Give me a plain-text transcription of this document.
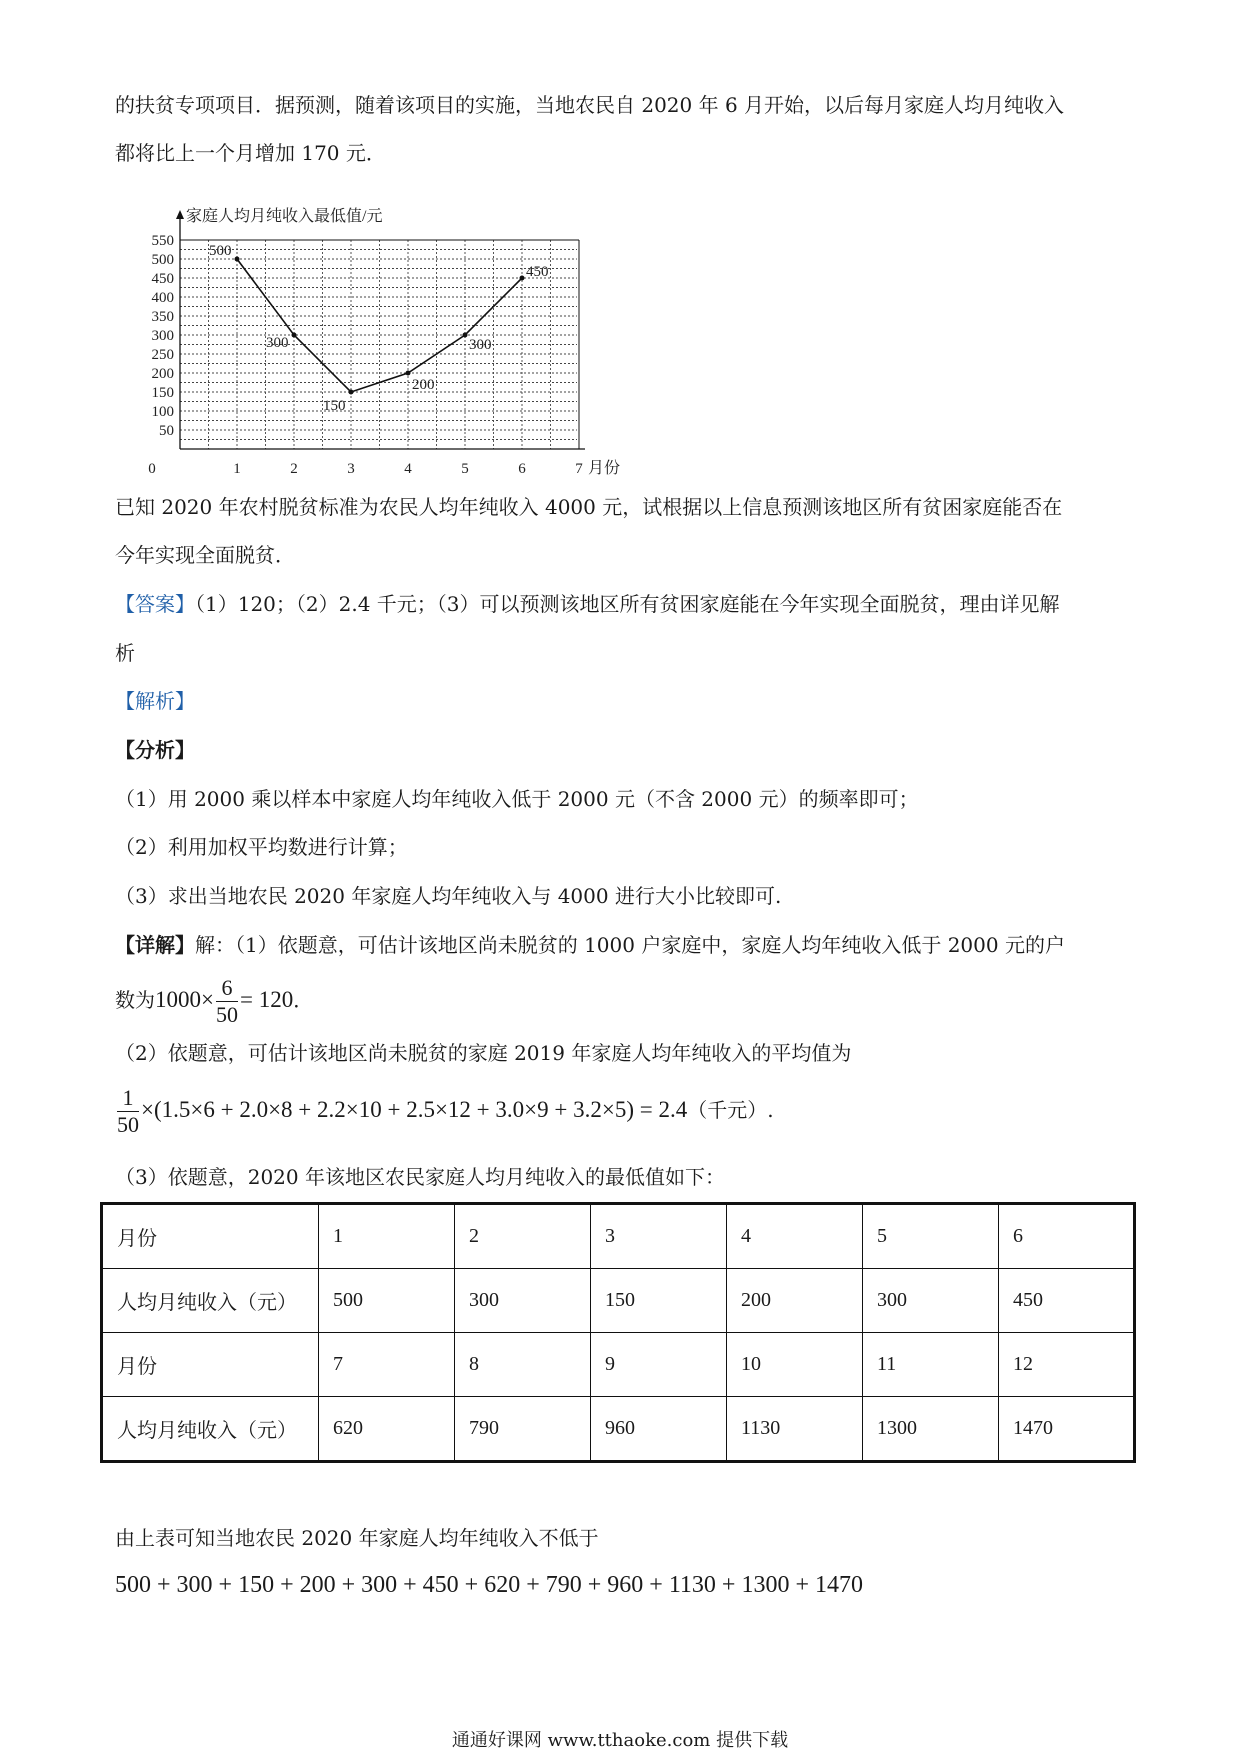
的扶贫专项项目．据预测，随着该项目的实施，当地农民自 2020 年 6 月开始，以后每月家庭人均月纯收入
都将比上一个月增加 170 元．
家庭人均月纯收入最低值/元
50
100
150
200
250
300
350
400
450
500
550
0	1	2	3	4	5	6	7 月份
500
300
150
200
300
450
已知 2020 年农村脱贫标准为农民人均年纯收入 4000 元，试根据以上信息预测该地区所有贫困家庭能否在
今年实现全面脱贫．
【答案】（1）120；（2）2.4 千元；（3）可以预测该地区所有贫困家庭能在今年实现全面脱贫，理由详见解
析
【解析】
【分析】
（1）用 2000 乘以样本中家庭人均年纯收入低于 2000 元（不含 2000 元）的频率即可；
（2）利用加权平均数进行计算；
（3）求出当地农民 2020 年家庭人均年纯收入与 4000 进行大小比较即可.
【详解】解：（1）依题意，可估计该地区尚未脱贫的 1000 户家庭中，家庭人均年纯收入低于 2000 元的户
数为$1000\times \frac{6}{50} = 120$．
（2）依题意，可估计该地区尚未脱贫的家庭 2019 年家庭人均年纯收入的平均值为
$\frac{1}{50} \times(1.5\times 6 + 2.0\times 8 + 2.2\times 10 + 2.5\times 12 + 3.0\times 9 + 3.2\times 5) = 2.4$（千元）.
（3）依题意，2020 年该地区农民家庭人均月纯收入的最低值如下：
月份	1	2	3	4	5	6
人均月纯收入（元）	500	300	150	200	300	450
月份	7	8	9	10	11	12
人均月纯收入（元）	620	790	960	1130	1300	1470
由上表可知当地农民 2020 年家庭人均年纯收入不低于
500 + 300 + 150 + 200 + 300 + 450 + 620 + 790 + 960 + 1130 + 1300 + 1470
通通好课网 www.tthaoke.com 提供下载
